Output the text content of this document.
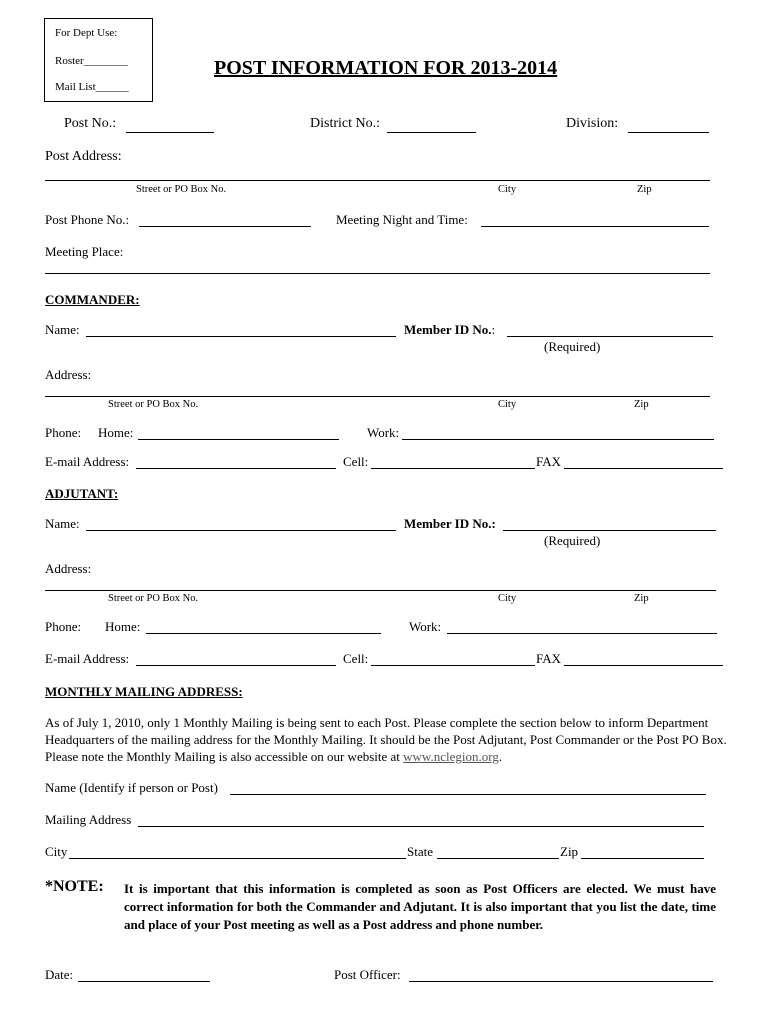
For Dept Use:
Roster________
Mail List______
POST INFORMATION FOR 2013-2014
Post No.:	District No.:	Division:
Post Address:
Street or PO Box No.	City	Zip
Post Phone No.:	Meeting Night and Time:
Meeting Place:
COMMANDER:
Name:	Member ID No.:
(Required)
Address:
Street or PO Box No.	City	Zip
Phone: Home:	Work:
E-mail Address:	Cell:	FAX
ADJUTANT:
Name:	Member ID No.:
(Required)
Address:
Street or PO Box No.	City	Zip
Phone: Home:	Work:
E-mail Address:	Cell:	FAX
MONTHLY MAILING ADDRESS:
As of July 1, 2010, only 1 Monthly Mailing is being sent to each Post. Please complete the section below to inform Department Headquarters of the mailing address for the Monthly Mailing. It should be the Post Adjutant, Post Commander or the Post PO Box. Please note the Monthly Mailing is also accessible on our website at www.nclegion.org.
Name (Identify if person or Post)
Mailing Address
City	State	Zip
*NOTE: It is important that this information is completed as soon as Post Officers are elected. We must have correct information for both the Commander and Adjutant. It is also important that you list the date, time and place of your Post meeting as well as a Post address and phone number.
Date:	Post Officer:
